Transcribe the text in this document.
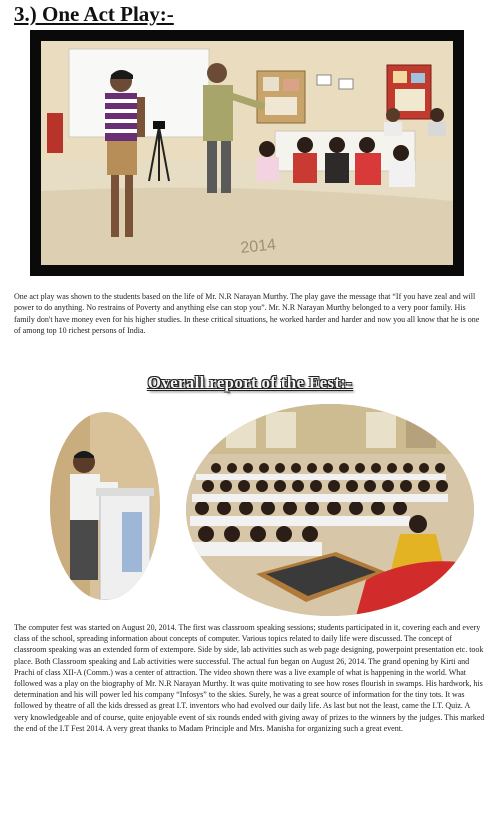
3.) One Act Play:-
2014

One act play was shown to the students based on the life of Mr. N.R Narayan Murthy. The play gave the message that “If you have zeal and will power to do anything. No restrains of Poverty and anything else can stop you”. Mr. N.R Narayan Murthy belonged to a very poor family. His family don't have money even for his higher studies. In these critical situations, he worked harder and harder and now you all know that he is one of among top 10 richest persons of India.

Overall report of the Fest:-

The computer fest was started on August 20, 2014. The first was classroom speaking sessions; students participated in it, covering each and every class of the school, spreading information about concepts of computer. Various topics related to daily life were discussed. The concept of classroom speaking was an extended form of extempore. Side by side, lab activities such as web page designing, powerpoint presentation etc. took place. Both Classroom speaking and Lab activities were successful. The actual fun began on August 26, 2014. The grand opening by Kirti and Prachi of class XII-A (Comm.) was a center of attraction. The video shown there was a live example of what is happening in the world. What followed was a play on the biography of Mr. N.R Narayan Murthy. It was quite motivating to see how roses flourish in swamps. His hardwork, his determination and his will power led his company “Infosys” to the skies. Surely, he was a great source of information for the tiny tots. It was followed by theatre of all the kids dressed as great I.T. inventors who had evolved our daily life. As last but not the least, came the I.T. Quiz. A very knowledgeable and of course, quite enjoyable event of six rounds ended with giving away of prizes to the winners by the judges. This marked the end of the I.T Fest 2014. A very great thanks to Madam Principle and Mrs. Manisha for organizing such a great event.
